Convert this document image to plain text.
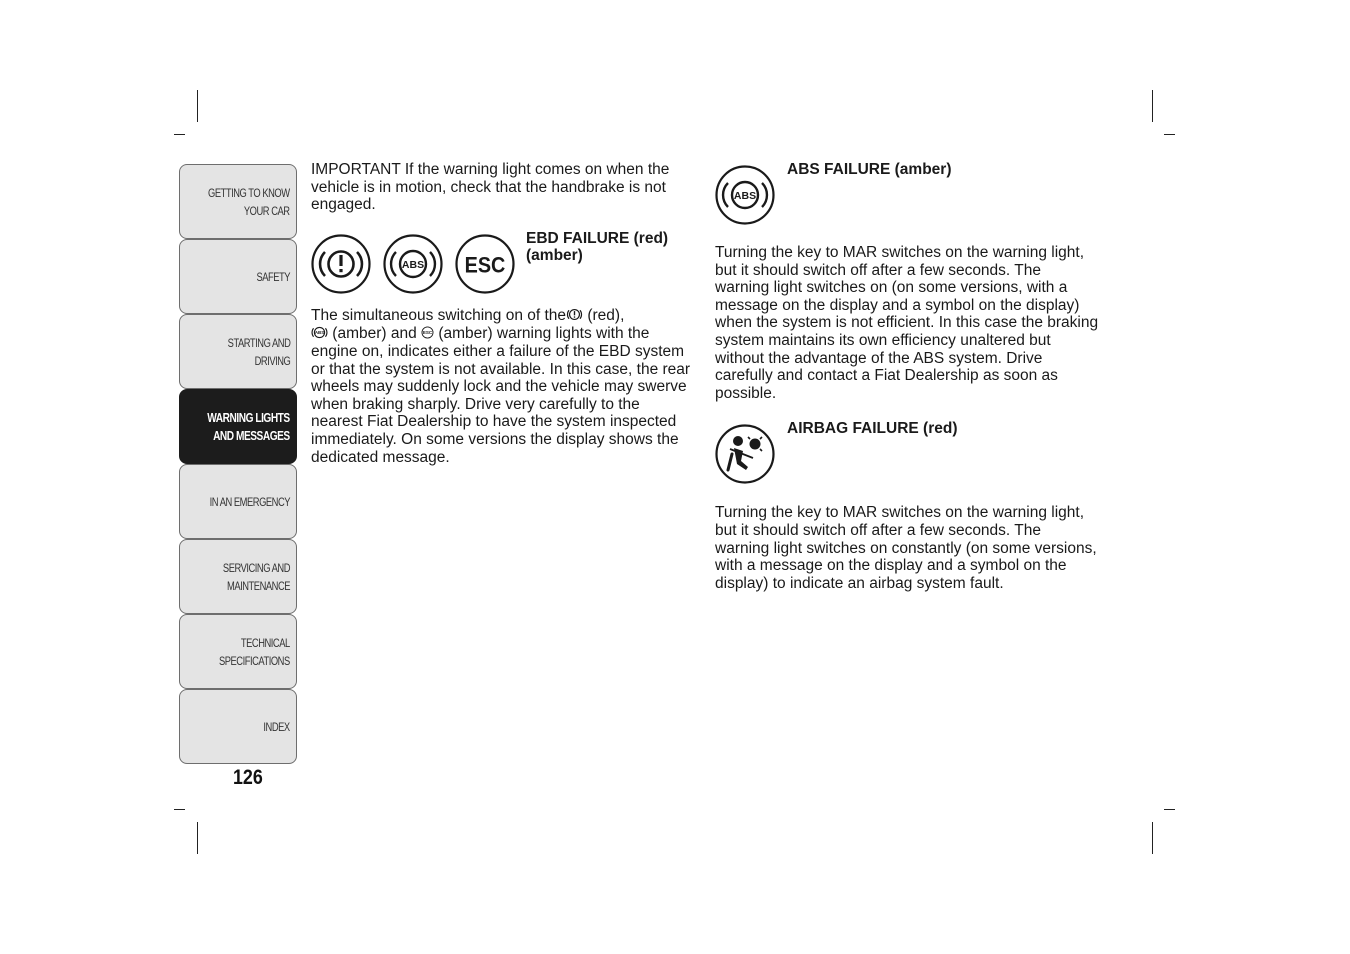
GETTING TO KNOW
YOUR CAR
SAFETY
STARTING AND
DRIVING
WARNING LIGHTS
AND MESSAGES
IN AN EMERGENCY
SERVICING AND
MAINTENANCE
TECHNICAL
SPECIFICATIONS
INDEX
126

IMPORTANT If the warning light comes on when the vehicle is in motion, check that the handbrake is not engaged.

ABS ESC
EBD FAILURE (red)
(amber)

The simultaneous switching on of the (red),

ABS (amber) and ESC (amber) warning lights with the engine on, indicates either a failure of the EBD system or that the system is not available. In this case, the rear wheels may suddenly lock and the vehicle may swerve when braking sharply. Drive very carefully to the nearest Fiat Dealership to have the system inspected immediately. On some versions the display shows the dedicated message.

ABS
ABS FAILURE (amber)

Turning the key to MAR switches on the warning light, but it should switch off after a few seconds. The warning light switches on (on some versions, with a message on the display and a symbol on the display) when the system is not efficient. In this case the braking system maintains its own efficiency unaltered but without the advantage of the ABS system. Drive carefully and contact a Fiat Dealership as soon as possible.

AIRBAG FAILURE (red)

Turning the key to MAR switches on the warning light, but it should switch off after a few seconds. The warning light switches on constantly (on some versions, with a message on the display and a symbol on the display) to indicate an airbag system fault.
